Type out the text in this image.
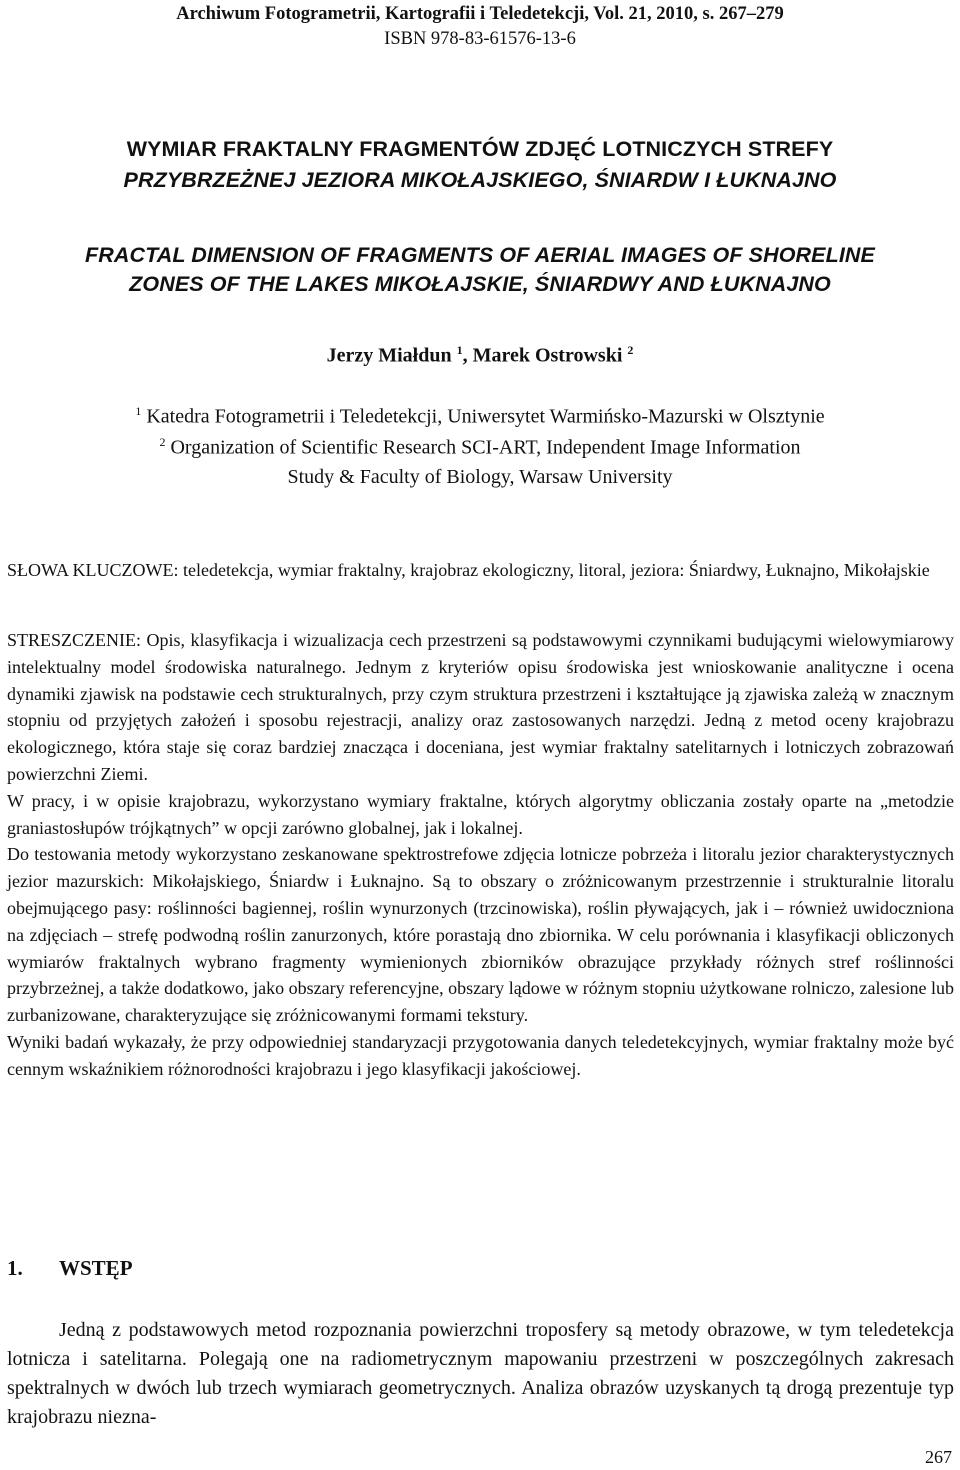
Archiwum Fotogrametrii, Kartografii i Teledetekcji, Vol. 21, 2010, s. 267–279
ISBN 978-83-61576-13-6
WYMIAR FRAKTALNY FRAGMENTÓW ZDJĘĆ LOTNICZYCH STREFY
PRZYBRZEŻNEJ JEZIORA MIKOŁAJSKIEGO, ŚNIARDW I ŁUKNAJNO
FRACTAL DIMENSION OF FRAGMENTS OF AERIAL IMAGES OF SHORELINE
ZONES OF THE LAKES MIKOŁAJSKIE, ŚNIARDWY AND ŁUKNAJNO
Jerzy Miałdun $^1$, Marek Ostrowski $^2$
$^1$ Katedra Fotogrametrii i Teledetekcji, Uniwersytet Warmińsko-Mazurski w Olsztynie
$^2$ Organization of Scientific Research SCI-ART, Independent Image Information
Study & Faculty of Biology, Warsaw University
SŁOWA KLUCZOWE: teledetekcja, wymiar fraktalny, krajobraz ekologiczny, litoral, jeziora: Śniardwy, Łuknajno, Mikołajskie

STRESZCZENIE: Opis, klasyfikacja i wizualizacja cech przestrzeni są podstawowymi czynnikami budującymi wielowymiarowy intelektualny model środowiska naturalnego. Jednym z kryteriów opisu środowiska jest wnioskowanie analityczne i ocena dynamiki zjawisk na podstawie cech strukturalnych, przy czym struktura przestrzeni i kształtujące ją zjawiska zależą w znacznym stopniu od przyjętych założeń i sposobu rejestracji, analizy oraz zastosowanych narzędzi. Jedną z metod oceny krajobrazu ekologicznego, która staje się coraz bardziej znacząca i doceniana, jest wymiar fraktalny satelitarnych i lotniczych zobrazowań powierzchni Ziemi.

W pracy, i w opisie krajobrazu, wykorzystano wymiary fraktalne, których algorytmy obliczania zostały oparte na „metodzie graniastosłupów trójkątnych” w opcji zarówno globalnej, jak i lokalnej.

Do testowania metody wykorzystano zeskanowane spektrostrefowe zdjęcia lotnicze pobrzeża i litoralu jezior charakterystycznych jezior mazurskich: Mikołajskiego, Śniardw i Łuknajno. Są to obszary o zróżnicowanym przestrzennie i strukturalnie litoralu obejmującego pasy: roślinności bagiennej, roślin wynurzonych (trzcinowiska), roślin pływających, jak i – również uwidoczniona na zdjęciach – strefę podwodną roślin zanurzonych, które porastają dno zbiornika. W celu porównania i klasyfikacji obliczonych wymiarów fraktalnych wybrano fragmenty wymienionych zbiorników obrazujące przykłady różnych stref roślinności przybrzeżnej, a także dodatkowo, jako obszary referencyjne, obszary lądowe w różnym stopniu użytkowane rolniczo, zalesione lub zurbanizowane, charakteryzujące się zróżnicowanymi formami tekstury.

Wyniki badań wykazały, że przy odpowiedniej standaryzacji przygotowania danych teledetekcyjnych, wymiar fraktalny może być cennym wskaźnikiem różnorodności krajobrazu i jego klasyfikacji jakościowej.

1. WSTĘP

Jedną z podstawowych metod rozpoznania powierzchni troposfery są metody obrazowe, w tym teledetekcja lotnicza i satelitarna. Polegają one na radiometrycznym mapowaniu przestrzeni w poszczególnych zakresach spektralnych w dwóch lub trzech wymiarach geometrycznych. Analiza obrazów uzyskanych tą drogą prezentuje typ krajobrazu niezna-

267
